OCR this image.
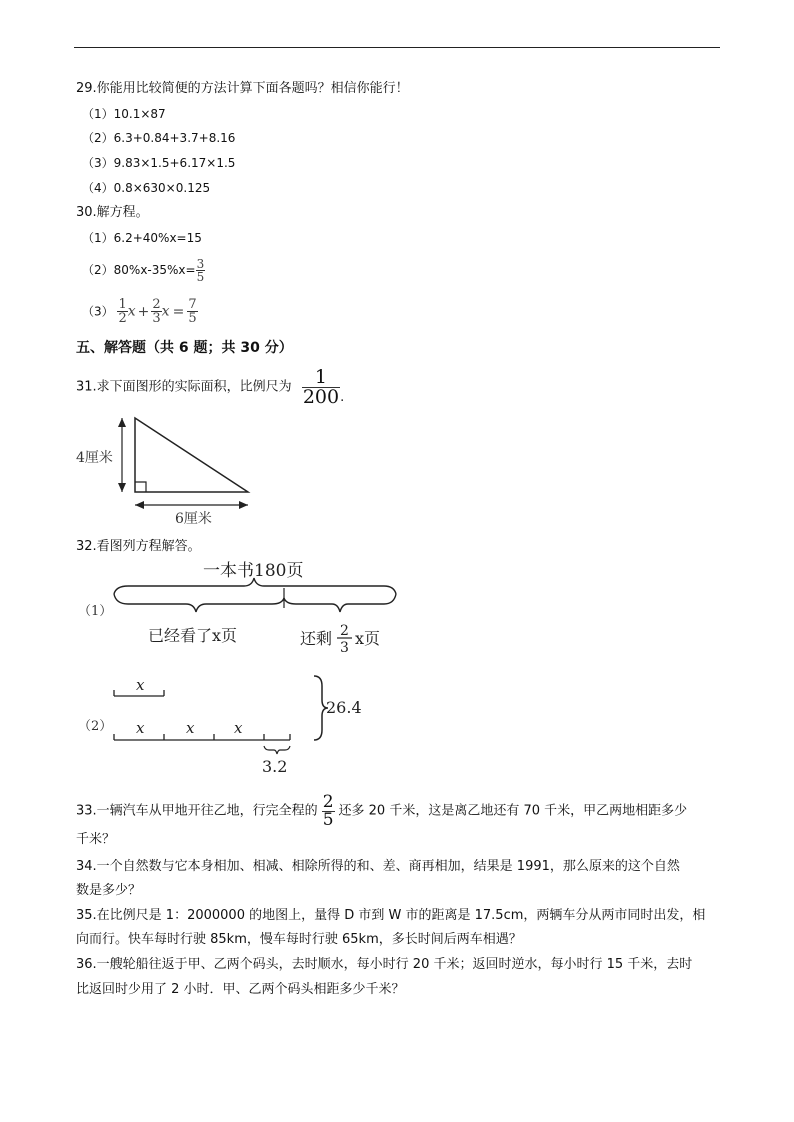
29.你能用比较简便的方法计算下面各题吗？相信你能行！
（1）10.1×87
（2）6.3+0.84+3.7+8.16
（3）9.83×1.5+6.17×1.5
（4）0.8×630×0.125
30.解方程。
（1）6.2+40%x=15
$(2)80\%x-35\%x= \frac{3}{5}$
$(3) \frac{1}{2}$ $x + \frac{2}{3}$ $x = \frac{7}{5}$
五、解答题（共 6 题；共 30 分）
31.求下面图形的实际面积，比例尺为 $\frac{1}{200}$ .
4厘米
6厘米
32.看图列方程解答。
（1）
一本书180页
已经看了x页	还剩 2
3 x页
x
（2） x	x	x
3.2
26.4
33.一辆汽车从甲地开往乙地，行完全程的 $\frac{2}{5}$ 还多 20 千米，这是离乙地还有 70 千米，甲乙两地相距多少
千米？
34.一个自然数与它本身相加、相减、相除所得的和、差、商再相加，结果是 1991，那么原来的这个自然
数是多少？
35.在比例尺是 1：2000000 的地图上，量得 D 市到 W 市的距离是 17.5cm，两辆车分从两市同时出发，相
向而行。快车每时行驶 85km，慢车每时行驶 65km，多长时间后两车相遇？
36.一艘轮船往返于甲、乙两个码头，去时顺水，每小时行 20 千米；返回时逆水，每小时行 15 千米，去时
比返回时少用了 2 小时．甲、乙两个码头相距多少千米？
